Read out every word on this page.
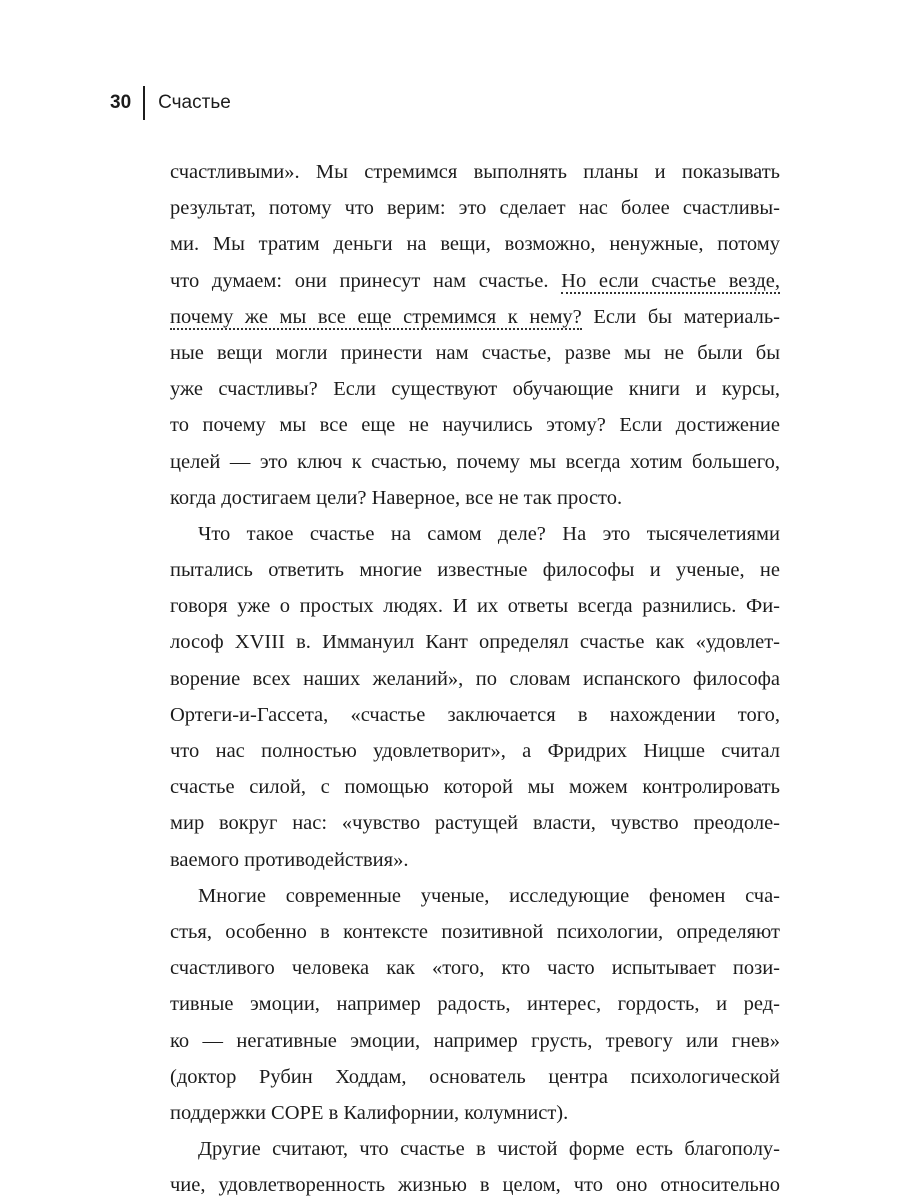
30 Счастье
счастливыми». Мы стремимся выполнять планы и показывать
результат, потому что верим: это сделает нас более счастливы-
ми. Мы тратим деньги на вещи, возможно, ненужные, потому
что думаем: они принесут нам счастье. Но если счастье везде,
почему же мы все еще стремимся к нему? Если бы материаль-
ные вещи могли принести нам счастье, разве мы не были бы
уже счастливы? Если существуют обучающие книги и курсы,
то почему мы все еще не научились этому? Если достижение
целей — это ключ к счастью, почему мы всегда хотим большего,
когда достигаем цели? Наверное, все не так просто.
Что такое счастье на самом деле? На это тысячелетиями
пытались ответить многие известные философы и ученые, не
говоря уже о простых людях. И их ответы всегда разнились. Фи-
лософ XVIII в. Иммануил Кант определял счастье как «удовлет-
ворение всех наших желаний», по словам испанского философа
Ортеги-и-Гассета, «счастье заключается в нахождении того,
что нас полностью удовлетворит», а Фридрих Ницше считал
счастье силой, с помощью которой мы можем контролировать
мир вокруг нас: «чувство растущей власти, чувство преодоле-
ваемого противодействия».
Многие современные ученые, исследующие феномен сча-
стья, особенно в контексте позитивной психологии, определяют
счастливого человека как «того, кто часто испытывает пози-
тивные эмоции, например радость, интерес, гордость, и ред-
ко — негативные эмоции, например грусть, тревогу или гнев»
(доктор Рубин Ходдам, основатель центра психологической
поддержки COPE в Калифорнии, колумнист).
Другие считают, что счастье в чистой форме есть благополу-
чие, удовлетворенность жизнью в целом, что оно относительно
